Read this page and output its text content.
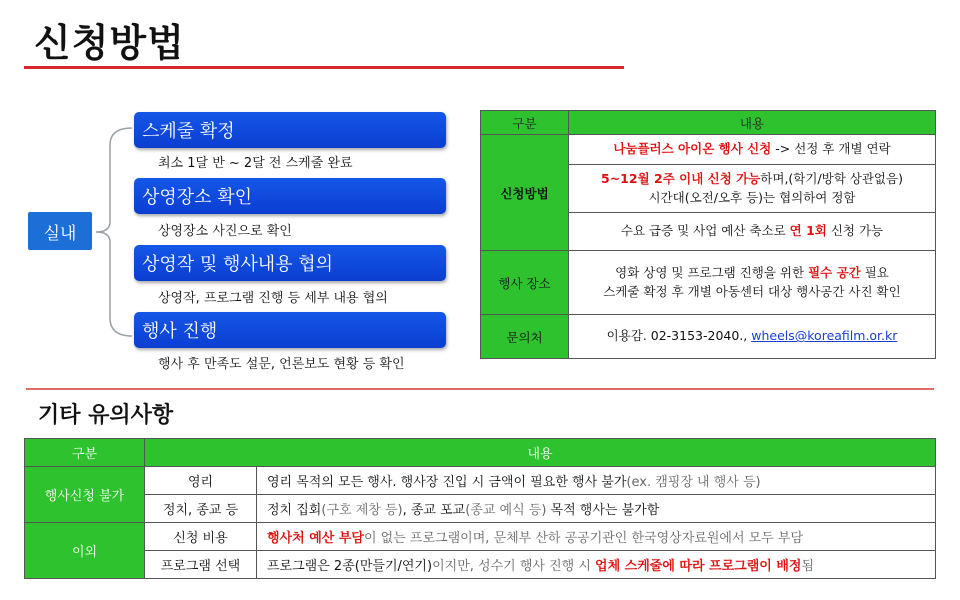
신청방법
실내
스케줄 확정
최소 1달 반 ~ 2달 전 스케줄 완료
상영장소 확인
상영장소 사진으로 확인
상영작 및 행사내용 협의
상영작, 프로그램 진행 등 세부 내용 협의
행사 진행
행사 후 만족도 설문, 언론보도 현황 등 확인
구분	내용
신청방법	나눔플러스 아이온 행사 신청 -> 선정 후 개별 연락
	5~12월 2주 이내 신청 가능하며,(학기/방학 상관없음)
시간대(오전/오후 등)는 협의하여 정함
	수요 급증 및 사업 예산 축소로 연 1회 신청 가능
행사 장소	영화 상영 및 프로그램 진행을 위한 필수 공간 필요
스케줄 확정 후 개별 아동센터 대상 행사공간 사진 확인
문의처	이용감. 02-3153-2040., wheels@koreafilm.or.kr
기타 유의사항
구분	내용	
행사신청 불가	영리	영리 목적의 모든 행사. 행사장 진입 시 금액이 필요한 행사 불가(ex. 캠핑장 내 행사 등)
	정치, 종교 등	정치 집회(구호 제창 등), 종교 포교(종교 예식 등) 목적 행사는 불가함
이외	신청 비용	행사처 예산 부담이 없는 프로그램이며, 문체부 산하 공공기관인 한국영상자료원에서 모두 부담
	프로그램 선택	프로그램은 2종(만들기/연기)이지만, 성수기 행사 진행 시 업체 스케줄에 따라 프로그램이 배정됨
